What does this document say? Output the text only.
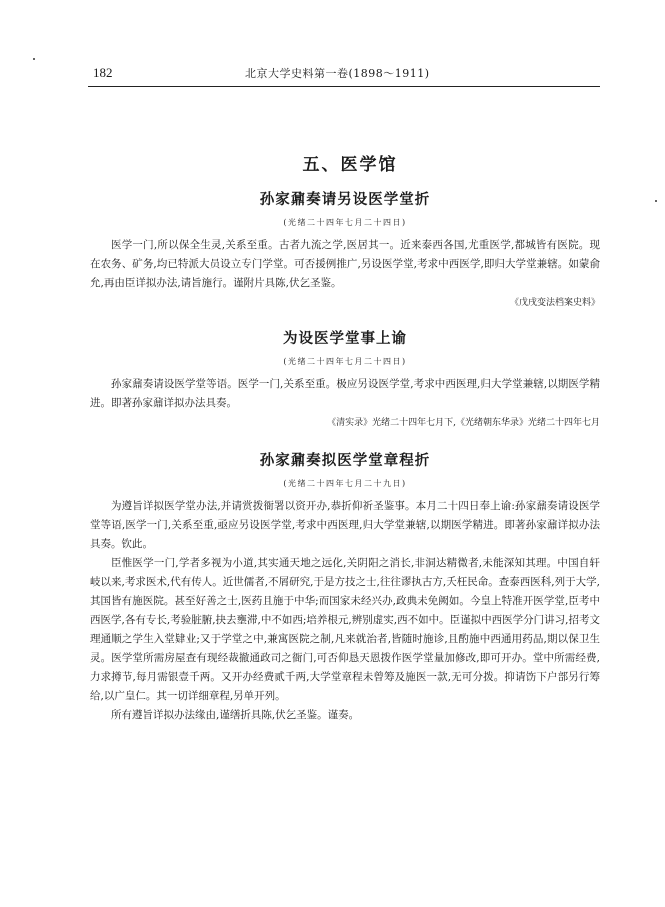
182	北京大学史料第一卷(1898～1911)
五、医学馆
孙家鼐奏请另设医学堂折

(光绪二十四年七月二十四日)

医学一门,所以保全生灵,关系至重。古者九流之学,医居其一。近来泰西各国,尤重医学,都城皆有医院。现在农务、矿务,均已特派大员设立专门学堂。可否援例推广,另设医学堂,考求中西医学,即归大学堂兼辖。如蒙俞允,再由臣详拟办法,请旨施行。谨附片具陈,伏乞圣鉴。

《戊戌变法档案史料》

为设医学堂事上谕

(光绪二十四年七月二十四日)

孙家鼐奏请设医学堂等语。医学一门,关系至重。极应另设医学堂,考求中西医理,归大学堂兼辖,以期医学精进。即著孙家鼐详拟办法具奏。

《清实录》光绪二十四年七月下,《光绪朝东华录》光绪二十四年七月

孙家鼐奏拟医学堂章程折

(光绪二十四年七月二十九日)

为遵旨详拟医学堂办法,并请赏拨衙署以资开办,恭折仰祈圣鉴事。本月二十四日奉上谕:孙家鼐奏请设医学堂等语,医学一门,关系至重,亟应另设医学堂,考求中西医理,归大学堂兼辖,以期医学精进。即著孙家鼐详拟办法具奏。钦此。

臣惟医学一门,学者多视为小道,其实通天地之远化,关阴阳之消长,非洞达精微者,未能深知其理。中国自轩岐以来,考求医术,代有传人。近世儒者,不屑研究,于是方技之士,往往谬执古方,夭枉民命。查泰西医科,列于大学,其国皆有施医院。甚至好善之士,医药且施于中华;而国家未经兴办,政典未免阙如。今皇上特准开医学堂,臣考中西医学,各有专长,考验脏腑,抉去壅滞,中不如西;培养根元,辨别虚实,西不如中。臣谨拟中西医学分门讲习,招考文理通顺之学生入堂肄业;又于学堂之中,兼寓医院之制,凡来就治者,皆随时施诊,且酌施中西通用药品,期以保卫生灵。医学堂所需房屋查有现经裁撤通政司之衙门,可否仰恳天恩拨作医学堂量加修改,即可开办。堂中所需经费,力求撙节,每月需银壹千两。又开办经费贰千两,大学堂章程未曾筹及施医一款,无可分拨。抑请饬下户部另行筹给,以广皇仁。其一切详细章程,另单开列。

所有遵旨详拟办法缘由,谨缮折具陈,伏乞圣鉴。谨奏。
